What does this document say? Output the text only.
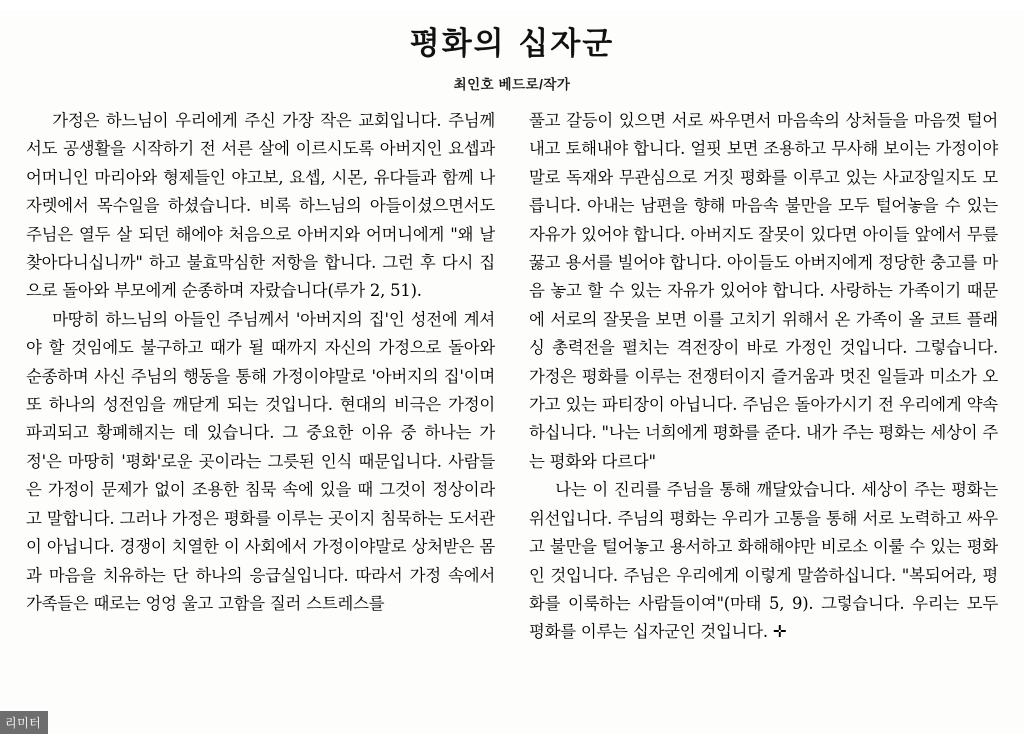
평화의 십자군
최인호 베드로/작가

가정은 하느님이 우리에게 주신 가장 작은 교회입니다. 주님께서도 공생활을 시작하기 전 서른 살에 이르시도록 아버지인 요셉과 어머니인 마리아와 형제들인 야고보, 요셉, 시몬, 유다들과 함께 나자렛에서 목수일을 하셨습니다. 비록 하느님의 아들이셨으면서도 주님은 열두 살 되던 해에야 처음으로 아버지와 어머니에게 "왜 날 찾아다니십니까" 하고 불효막심한 저항을 합니다. 그런 후 다시 집으로 돌아와 부모에게 순종하며 자랐습니다(루가 2, 51).

마땅히 하느님의 아들인 주님께서 '아버지의 집'인 성전에 계셔야 할 것임에도 불구하고 때가 될 때까지 자신의 가정으로 돌아와 순종하며 사신 주님의 행동을 통해 가정이야말로 '아버지의 집'이며 또 하나의 성전임을 깨닫게 되는 것입니다. 현대의 비극은 가정이 파괴되고 황폐해지는 데 있습니다. 그 중요한 이유 중 하나는 가정'은 마땅히 '평화'로운 곳이라는 그릇된 인식 때문입니다. 사람들은 가정이 문제가 없이 조용한 침묵 속에 있을 때 그것이 정상이라고 말합니다. 그러나 가정은 평화를 이루는 곳이지 침묵하는 도서관이 아닙니다. 경쟁이 치열한 이 사회에서 가정이야말로 상처받은 몸과 마음을 치유하는 단 하나의 응급실입니다. 따라서 가정 속에서 가족들은 때로는 엉엉 울고 고함을 질러 스트레스를

풀고 갈등이 있으면 서로 싸우면서 마음속의 상처들을 마음껏 털어내고 토해내야 합니다. 얼핏 보면 조용하고 무사해 보이는 가정이야말로 독재와 무관심으로 거짓 평화를 이루고 있는 사교장일지도 모릅니다. 아내는 남편을 향해 마음속 불만을 모두 털어놓을 수 있는 자유가 있어야 합니다. 아버지도 잘못이 있다면 아이들 앞에서 무릎 꿇고 용서를 빌어야 합니다. 아이들도 아버지에게 정당한 충고를 마음 놓고 할 수 있는 자유가 있어야 합니다. 사랑하는 가족이기 때문에 서로의 잘못을 보면 이를 고치기 위해서 온 가족이 올 코트 플래싱 총력전을 펼치는 격전장이 바로 가정인 것입니다. 그렇습니다. 가정은 평화를 이루는 전쟁터이지 즐거움과 멋진 일들과 미소가 오가고 있는 파티장이 아닙니다. 주님은 돌아가시기 전 우리에게 약속하십니다. "나는 너희에게 평화를 준다. 내가 주는 평화는 세상이 주는 평화와 다르다"

나는 이 진리를 주님을 통해 깨달았습니다. 세상이 주는 평화는 위선입니다. 주님의 평화는 우리가 고통을 통해 서로 노력하고 싸우고 불만을 털어놓고 용서하고 화해해야만 비로소 이룰 수 있는 평화인 것입니다. 주님은 우리에게 이렇게 말씀하십니다. "복되어라, 평화를 이룩하는 사람들이여"(마태 5, 9). 그렇습니다. 우리는 모두 평화를 이루는 십자군인 것입니다. ✛

리미터
